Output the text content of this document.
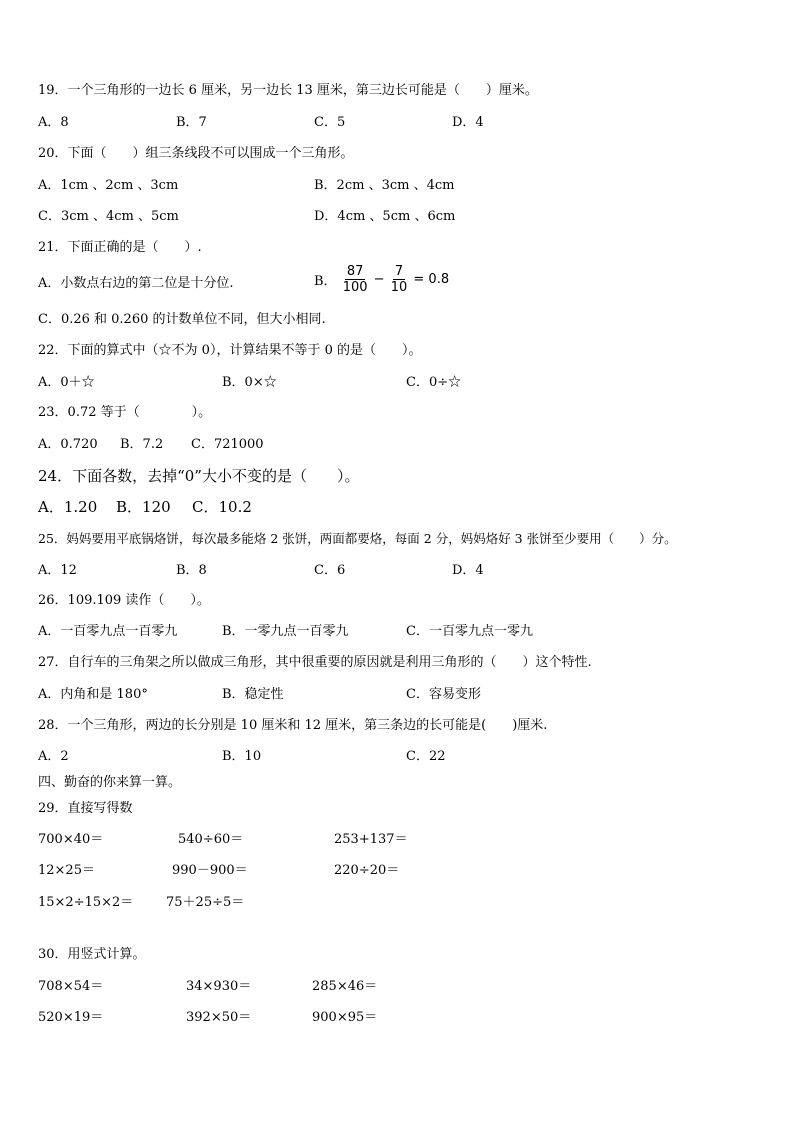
19．一个三角形的一边长 6 厘米，另一边长 13 厘米，第三边长可能是（　　）厘米。
A．8	B．7	C．5	D．4
20．下面（　　）组三条线段不可以围成一个三角形。
A．1cm 、2cm 、3cm	B．2cm 、3cm 、4cm
C．3cm 、4cm 、5cm	D．4cm 、5cm 、6cm
21．下面正确的是（　　）.
A．小数点右边的第二位是十分位.	B． $\frac{87}{100} - \frac{7}{10} = 0.8$
C．0.26 和 0.260 的计数单位不同，但大小相同.
22．下面的算式中（☆不为 0），计算结果不等于 0 的是（　　）。
A．0＋☆	B．0×☆	C．0÷☆
23．0.72 等于（　　　　）。
A．0.720 B．7.2 C．721000
24．下面各数，去掉“0”大小不变的是（　　）。
A．1.20 B．120 C．10.2
25．妈妈要用平底锅烙饼，每次最多能烙 2 张饼，两面都要烙，每面 2 分，妈妈烙好 3 张饼至少要用（　　）分。
A．12	B．8	C．6	D．4
26．109.109 读作（　　）。
A．一百零九点一百零九	B．一零九点一百零九	C．一百零九点一零九
27．自行车的三角架之所以做成三角形，其中很重要的原因就是利用三角形的（　　）这个特性.
A．内角和是 180°	B．稳定性	C．容易变形
28．一个三角形，两边的长分别是 10 厘米和 12 厘米，第三条边的长可能是(　　)厘米.
A．2	B．10	C．22
四、勤奋的你来算一算。
29．直接写得数
700×40＝	540÷60＝	253+137＝
12×25＝	990－900＝	220÷20＝
15×2÷15×2＝	75＋25÷5＝
30．用竖式计算。
708×54＝	34×930＝	285×46＝
520×19＝	392×50＝	900×95＝
